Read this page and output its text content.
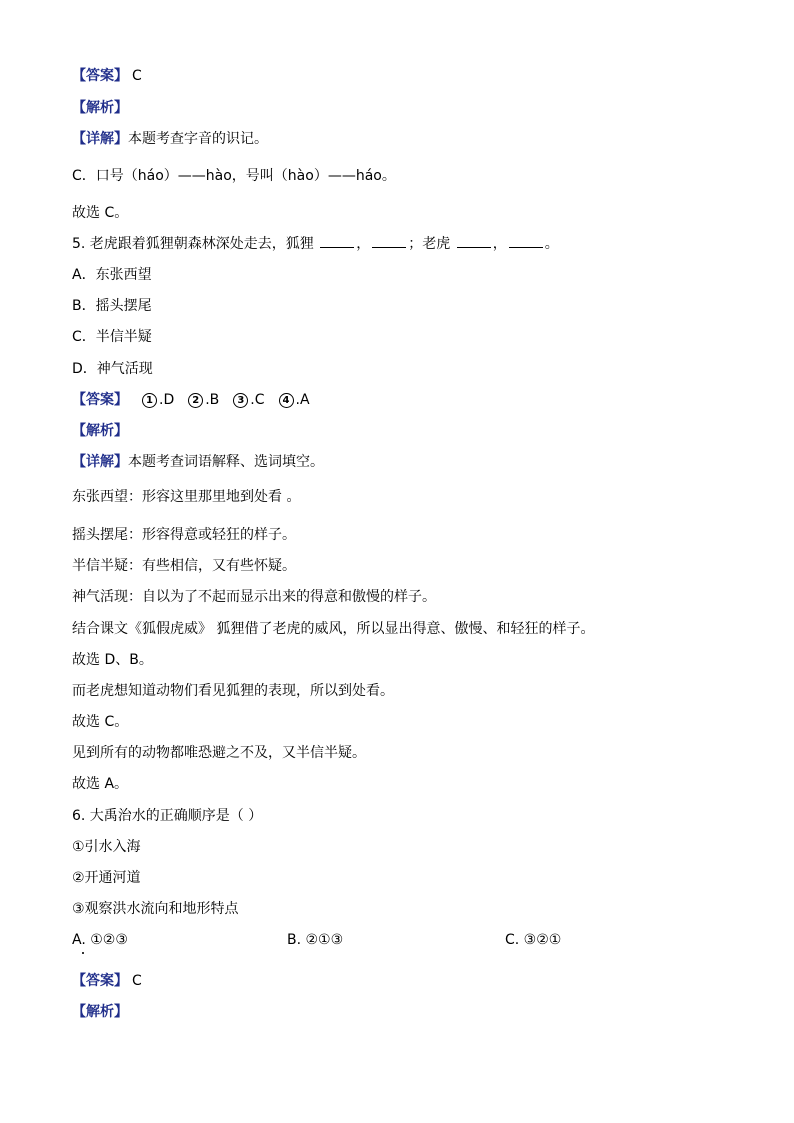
【答案】 C
【解析】
【详解】本题考查字音的识记。
C．口号（háo）——hào，号叫（hào）——háo。
故选 C。
5. 老虎跟着狐狸朝森林深处走去，狐狸	，	；老虎	，	。
A．东张西望
B．摇头摆尾
C．半信半疑
D．神气活现
【答案】 1 .D 2 .B 3 .C 4 .A
【解析】
【详解】本题考查词语解释、选词填空。
东张西望：形容这里那里地到处看 。
摇头摆尾：形容得意或轻狂的样子。
半信半疑：有些相信，又有些怀疑。
神气活现：自以为了不起而显示出来的得意和傲慢的样子。
结合课文《狐假虎威》 狐狸借了老虎的威风，所以显出得意、傲慢、和轻狂的样子。
故选 D、B。
而老虎想知道动物们看见狐狸的表现，所以到处看。
故选 C。
见到所有的动物都唯恐避之不及，又半信半疑。
故选 A。
6. 大禹治水的正确顺序是（ ）
①引水入海
②开通河道
③观察洪水流向和地形特点
A. ①②③	B. ②①③	C. ③②①
【答案】 C
【解析】
